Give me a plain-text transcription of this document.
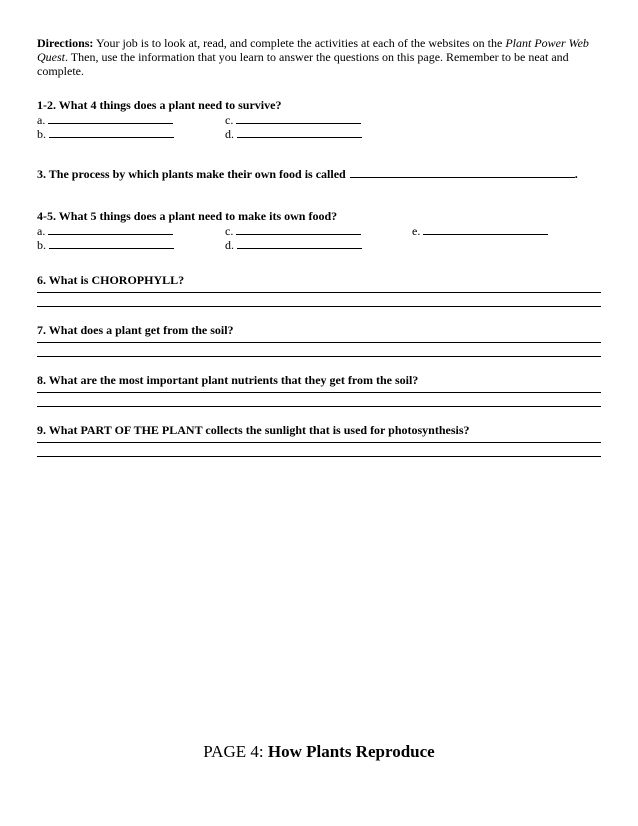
Directions: Your job is to look at, read, and complete the activities at each of the websites on the Plant Power Web Quest. Then, use the information that you learn to answer the questions on this page. Remember to be neat and complete.

1-2. What 4 things does a plant need to survive?

a.
b.
c.
d.

3. The process by which plants make their own food is called	.

4-5. What 5 things does a plant need to make its own food?

a.
b.
c.
d.
e.

6. What is CHOROPHYLL?

7. What does a plant get from the soil?

8. What are the most important plant nutrients that they get from the soil?

9. What PART OF THE PLANT collects the sunlight that is used for photosynthesis?

PAGE 4: How Plants Reproduce
